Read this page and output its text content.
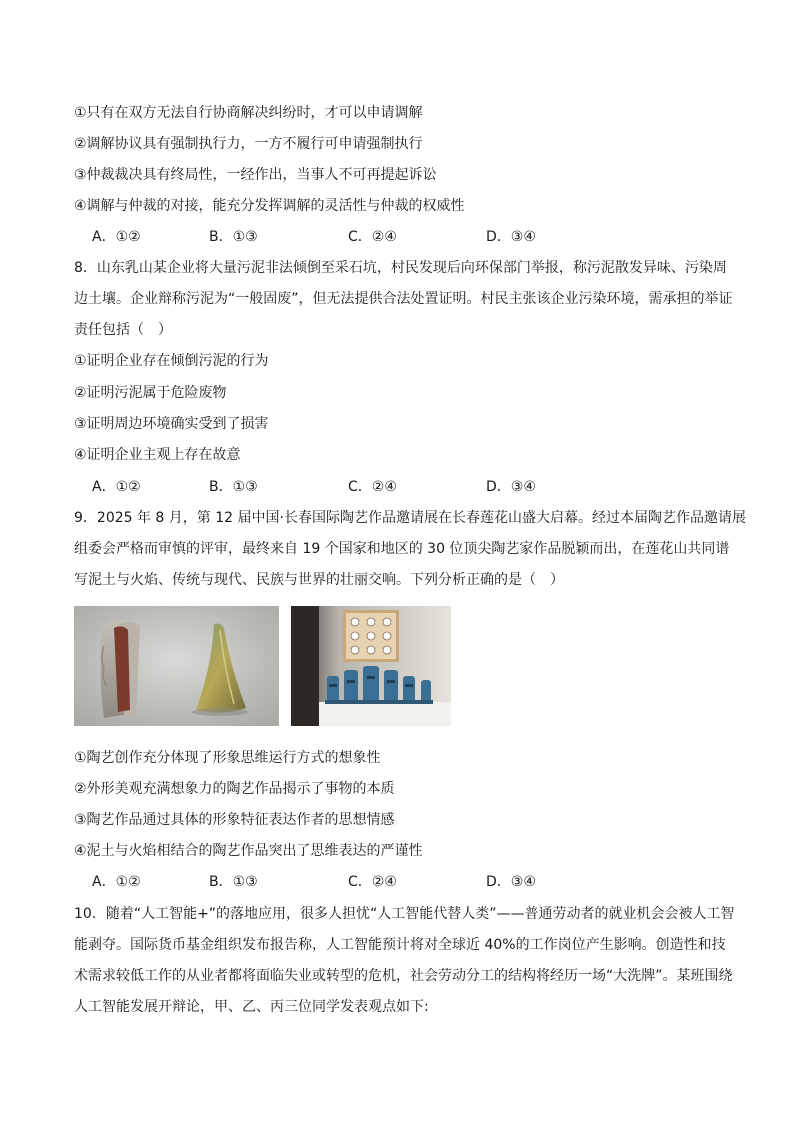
①只有在双方无法自行协商解决纠纷时，才可以申请调解
②调解协议具有强制执行力，一方不履行可申请强制执行
③仲裁裁决具有终局性，一经作出，当事人不可再提起诉讼
④调解与仲裁的对接，能充分发挥调解的灵活性与仲裁的权威性
A．①②	B．①③	C．②④	D．③④
8．山东乳山某企业将大量污泥非法倾倒至采石坑，村民发现后向环保部门举报，称污泥散发异味、污染周
边土壤。企业辩称污泥为“一般固废”，但无法提供合法处置证明。村民主张该企业污染环境，需承担的举证
责任包括（　）
①证明企业存在倾倒污泥的行为
②证明污泥属于危险废物
③证明周边环境确实受到了损害
④证明企业主观上存在故意
A．①②	B．①③	C．②④	D．③④
9．2025 年 8 月，第 12 届中国·长春国际陶艺作品邀请展在长春莲花山盛大启幕。经过本届陶艺作品邀请展
组委会严格而审慎的评审，最终来自 19 个国家和地区的 30 位顶尖陶艺家作品脱颖而出，在莲花山共同谱
写泥土与火焰、传统与现代、民族与世界的壮丽交响。下列分析正确的是（　）
①陶艺创作充分体现了形象思维运行方式的想象性
②外形美观充满想象力的陶艺作品揭示了事物的本质
③陶艺作品通过具体的形象特征表达作者的思想情感
④泥土与火焰相结合的陶艺作品突出了思维表达的严谨性
A．①②	B．①③	C．②④	D．③④
10．随着“人工智能+”的落地应用，很多人担忧“人工智能代替人类”——普通劳动者的就业机会会被人工智
能剥夺。国际货币基金组织发布报告称，人工智能预计将对全球近 40%的工作岗位产生影响。创造性和技
术需求较低工作的从业者都将面临失业或转型的危机，社会劳动分工的结构将经历一场“大洗牌”。某班围绕
人工智能发展开辩论，甲、乙、丙三位同学发表观点如下:
